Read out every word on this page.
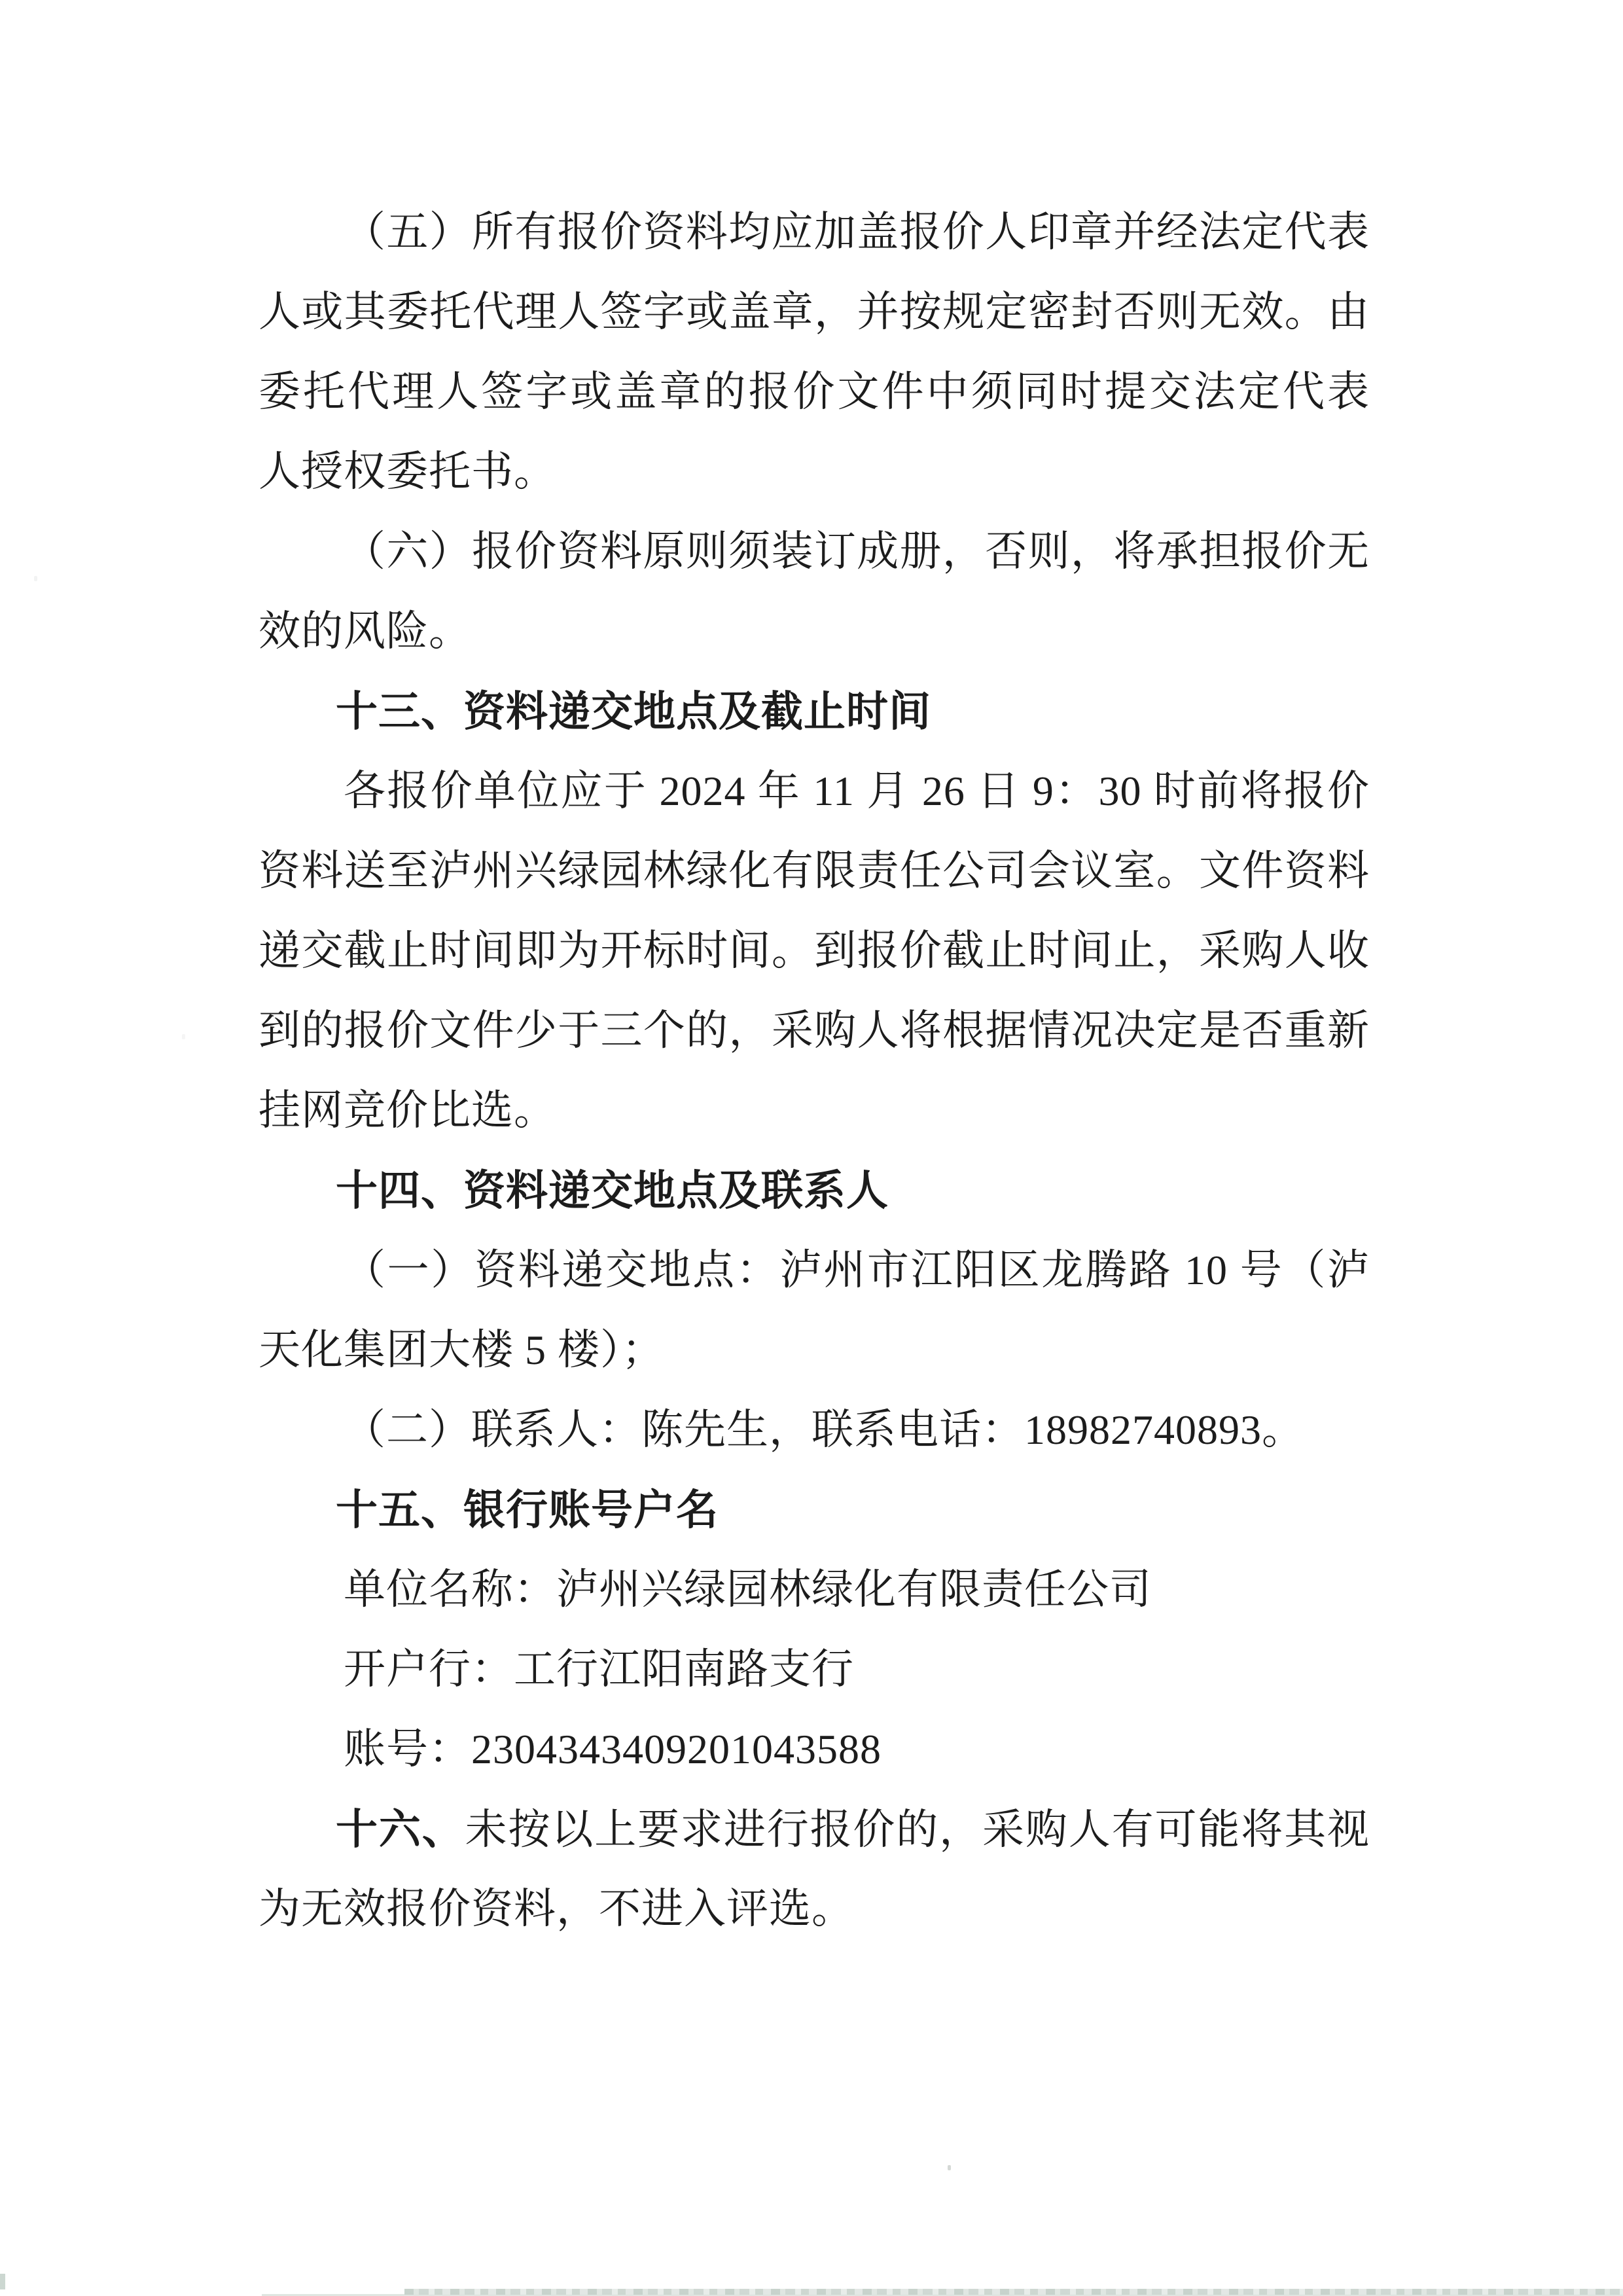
（五）所有报价资料均应加盖报价人印章并经法定代表
人或其委托代理人签字或盖章，并按规定密封否则无效。由
委托代理人签字或盖章的报价文件中须同时提交法定代表
人授权委托书。
（六）报价资料原则须装订成册，否则，将承担报价无
效的风险。
十三、资料递交地点及截止时间
各报价单位应于 2024 年 11 月 26 日 9：30 时前将报价
资料送至泸州兴绿园林绿化有限责任公司会议室。文件资料
递交截止时间即为开标时间。到报价截止时间止，采购人收
到的报价文件少于三个的，采购人将根据情况决定是否重新
挂网竞价比选。
十四、资料递交地点及联系人
（一）资料递交地点：泸州市江阳区龙腾路 10 号（泸
天化集团大楼 5 楼）；
（二）联系人：陈先生，联系电话：18982740893。
十五、银行账号户名
单位名称：泸州兴绿园林绿化有限责任公司
开户行：工行江阳南路支行
账号：2304343409201043588
十六、未按以上要求进行报价的，采购人有可能将其视
为无效报价资料，不进入评选。
